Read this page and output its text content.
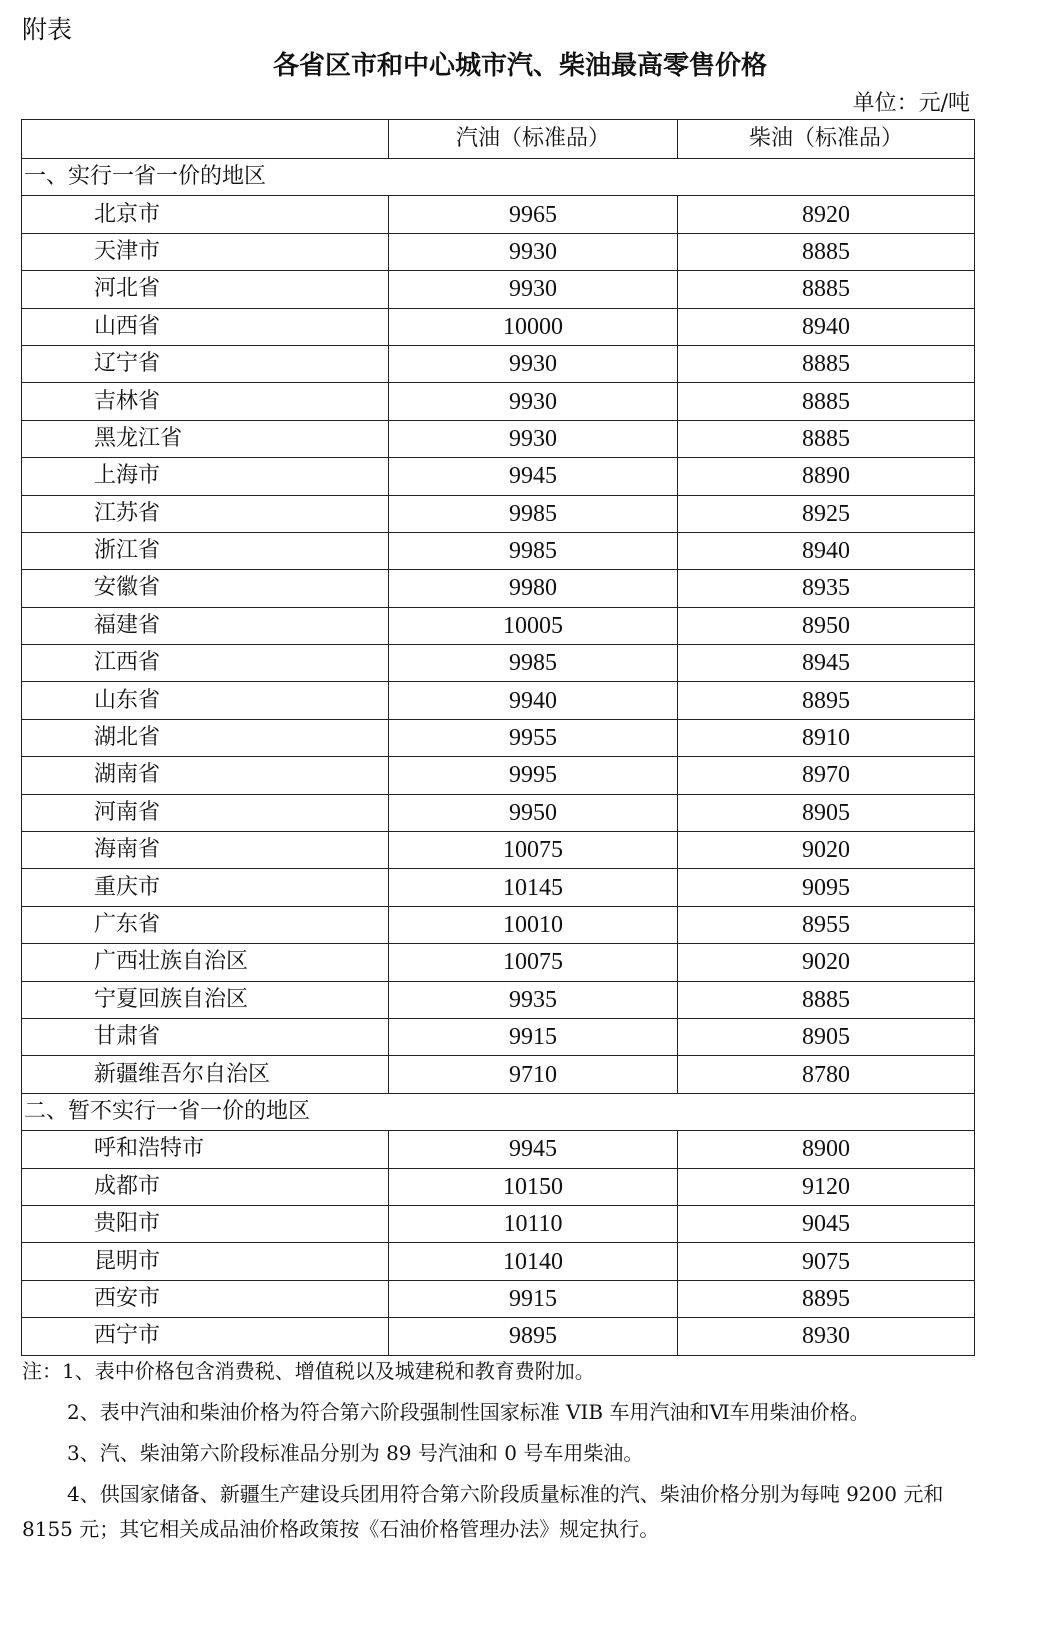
附表
各省区市和中心城市汽、柴油最高零售价格
单位：元/吨
	汽油（标准品）	柴油（标准品）
一、实行一省一价的地区		
北京市	9965	8920
天津市	9930	8885
河北省	9930	8885
山西省	10000	8940
辽宁省	9930	8885
吉林省	9930	8885
黑龙江省	9930	8885
上海市	9945	8890
江苏省	9985	8925
浙江省	9985	8940
安徽省	9980	8935
福建省	10005	8950
江西省	9985	8945
山东省	9940	8895
湖北省	9955	8910
湖南省	9995	8970
河南省	9950	8905
海南省	10075	9020
重庆市	10145	9095
广东省	10010	8955
广西壮族自治区	10075	9020
宁夏回族自治区	9935	8885
甘肃省	9915	8905
新疆维吾尔自治区	9710	8780
二、暂不实行一省一价的地区		
呼和浩特市	9945	8900
成都市	10150	9120
贵阳市	10110	9045
昆明市	10140	9075
西安市	9915	8895
西宁市	9895	8930

注：1、表中价格包含消费税、增值税以及城建税和教育费附加。

2、表中汽油和柴油价格为符合第六阶段强制性国家标准 VIB 车用汽油和Ⅵ车用柴油价格。

3、汽、柴油第六阶段标准品分别为 89 号汽油和 0 号车用柴油。

4、供国家储备、新疆生产建设兵团用符合第六阶段质量标准的汽、柴油价格分别为每吨 9200 元和 8155 元；其它相关成品油价格政策按《石油价格管理办法》规定执行。
